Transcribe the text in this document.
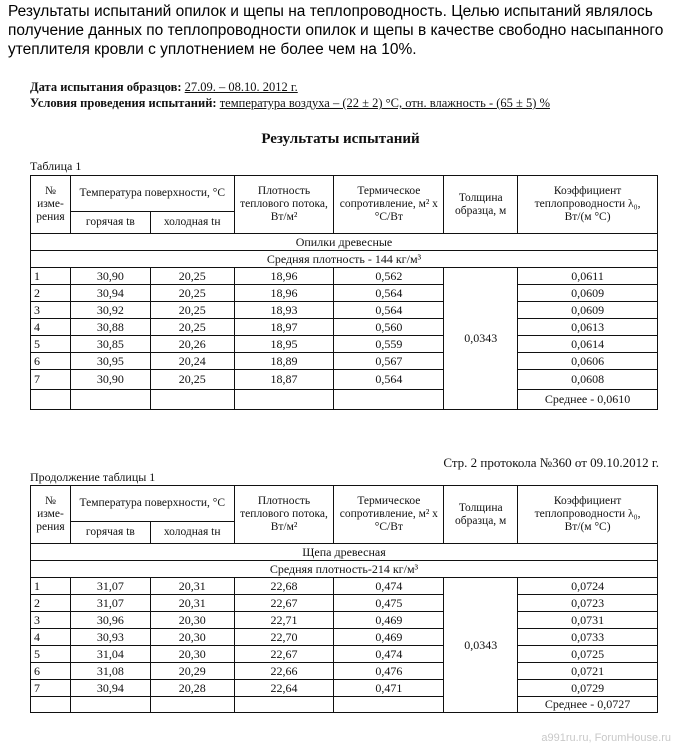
Результаты испытаний опилок и щепы на теплопроводность. Целью испытаний являлось получение данных по теплопроводности опилок и щепы в качестве свободно насыпанного утеплителя кровли с уплотнением не более чем на 10%.
Дата испытания образцов: 27.09. – 08.10. 2012 г.
Условия проведения испытаний: температура воздуха – (22 ± 2) °С, отн. влажность - (65 ± 5) %
Результаты испытаний
Таблица 1
№ изме-рения	Температура поверхности, °С		Плотность теплового потока, Вт/м²	Термическое сопротивление, м² х °С/Вт	Толщина образца, м	Коэффициент теплопроводности λ₀, Вт/(м °С)
	горячая tв	холодная tн				
Опилки древесные						
Средняя плотность - 144 кг/м³						
1	30,90	20,25	18,96	0,562	0,0343	0,0611
2	30,94	20,25	18,96	0,564		0,0609
3	30,92	20,25	18,93	0,564		0,0609
4	30,88	20,25	18,97	0,560		0,0613
5	30,85	20,26	18,95	0,559		0,0614
6	30,95	20,24	18,89	0,567		0,0606
7	30,90	20,25	18,87	0,564		0,0608
						Среднее - 0,0610
Стр. 2 протокола №360 от 09.10.2012 г.
Продолжение таблицы 1
№ изме-рения	Температура поверхности, °С		Плотность теплового потока, Вт/м²	Термическое сопротивление, м² х °С/Вт	Толщина образца, м	Коэффициент теплопроводности λ₀, Вт/(м °С)
	горячая tв	холодная tн				
Щепа древесная						
Средняя плотность-214 кг/м³						
1	31,07	20,31	22,68	0,474	0,0343	0,0724
2	31,07	20,31	22,67	0,475		0,0723
3	30,96	20,30	22,71	0,469		0,0731
4	30,93	20,30	22,70	0,469		0,0733
5	31,04	20,30	22,67	0,474		0,0725
6	31,08	20,29	22,66	0,476		0,0721
7	30,94	20,28	22,64	0,471		0,0729
						Среднее - 0,0727
a991ru.ru, ForumHouse.ru
